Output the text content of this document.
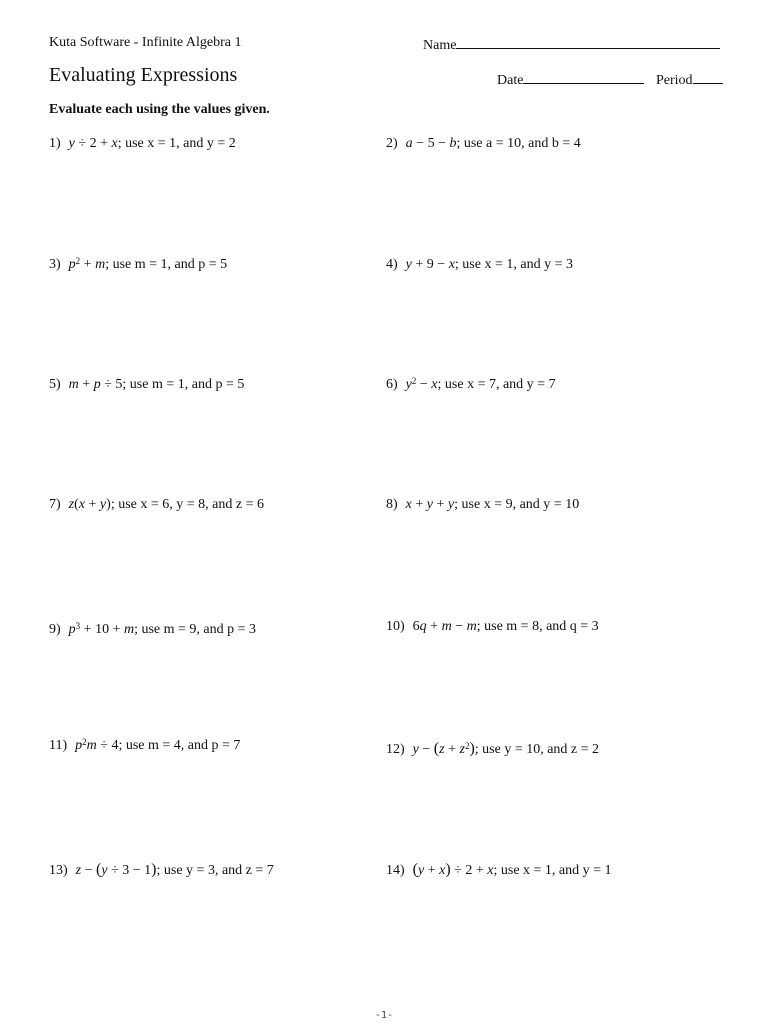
Kuta Software - Infinite Algebra 1
Evaluating Expressions
Name
Date	Period
Evaluate each using the values given.
1) y ÷ 2 + x; use x = 1, and y = 2	2) a − 5 − b; use a = 10, and b = 4
3) $p^2 + m$; use m = 1, and p = 5	4) y + 9 − x; use x = 1, and y = 3
5) m + p ÷ 5; use m = 1, and p = 5	6) $y^2 - x$; use x = 7, and y = 7
7) z(x + y); use x = 6, y = 8, and z = 6	8) x + y + y; use x = 9, and y = 10
9) $p^3 + 10 + m$; use m = 9, and p = 3	10) 6q + m − m; use m = 8, and q = 3
11) $p^2m \div 4$; use m = 4, and p = 7	12) $y - (z + z^2)$; use y = 10, and z = 2
13) z − (y ÷ 3 − 1); use y = 3, and z = 7	14) (y + x) ÷ 2 + x; use x = 1, and y = 1
-1-
